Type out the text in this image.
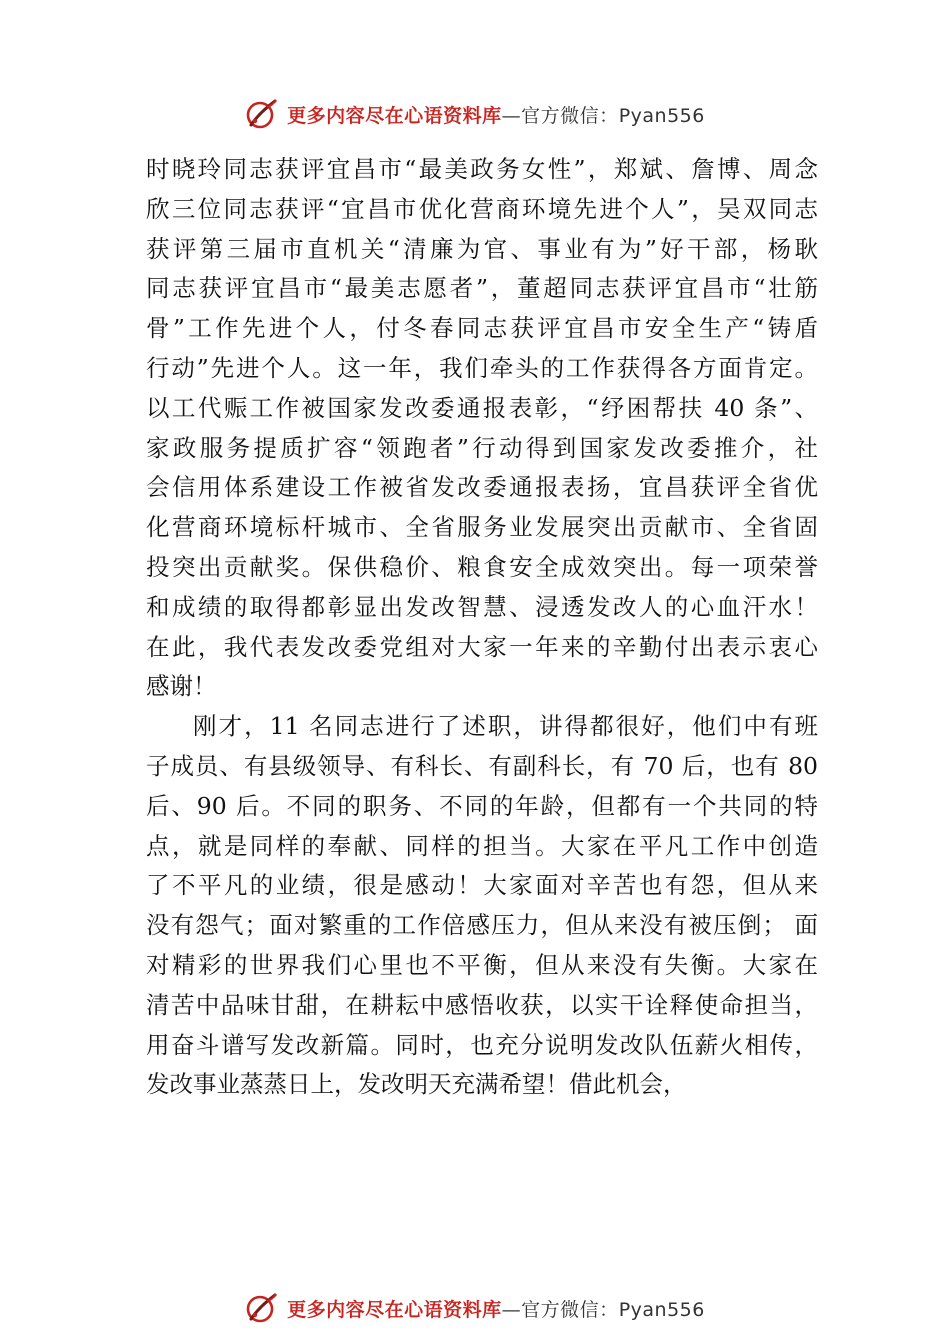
更多内容尽在心语资料库—官方微信：Pyan556
时晓玲同志获评宜昌市“最美政务女性”，郑斌、詹博、周念
欣三位同志获评“宜昌市优化营商环境先进个人”，吴双同志
获评第三届市直机关“清廉为官、事业有为”好干部，杨耿
同志获评宜昌市“最美志愿者”，董超同志获评宜昌市“壮筋
骨”工作先进个人，付冬春同志获评宜昌市安全生产“铸盾
行动”先进个人。这一年，我们牵头的工作获得各方面肯定。
以工代赈工作被国家发改委通报表彰，“纾困帮扶 40 条”、
家政服务提质扩容“领跑者”行动得到国家发改委推介，社
会信用体系建设工作被省发改委通报表扬，宜昌获评全省优
化营商环境标杆城市、全省服务业发展突出贡献市、全省固
投突出贡献奖。保供稳价、粮食安全成效突出。每一项荣誉
和成绩的取得都彰显出发改智慧、浸透发改人的心血汗水！
在此，我代表发改委党组对大家一年来的辛勤付出表示衷心
感谢！
刚才，11 名同志进行了述职，讲得都很好，他们中有班
子成员、有县级领导、有科长、有副科长，有 70 后，也有 80
后、90 后。不同的职务、不同的年龄，但都有一个共同的特
点，就是同样的奉献、同样的担当。大家在平凡工作中创造
了不平凡的业绩，很是感动！大家面对辛苦也有怨，但从来
没有怨气；面对繁重的工作倍感压力，但从来没有被压倒； 面
对精彩的世界我们心里也不平衡，但从来没有失衡。大家在
清苦中品味甘甜，在耕耘中感悟收获，以实干诠释使命担当，
用奋斗谱写发改新篇。同时，也充分说明发改队伍薪火相传，
发改事业蒸蒸日上，发改明天充满希望！借此机会，
更多内容尽在心语资料库—官方微信：Pyan556
